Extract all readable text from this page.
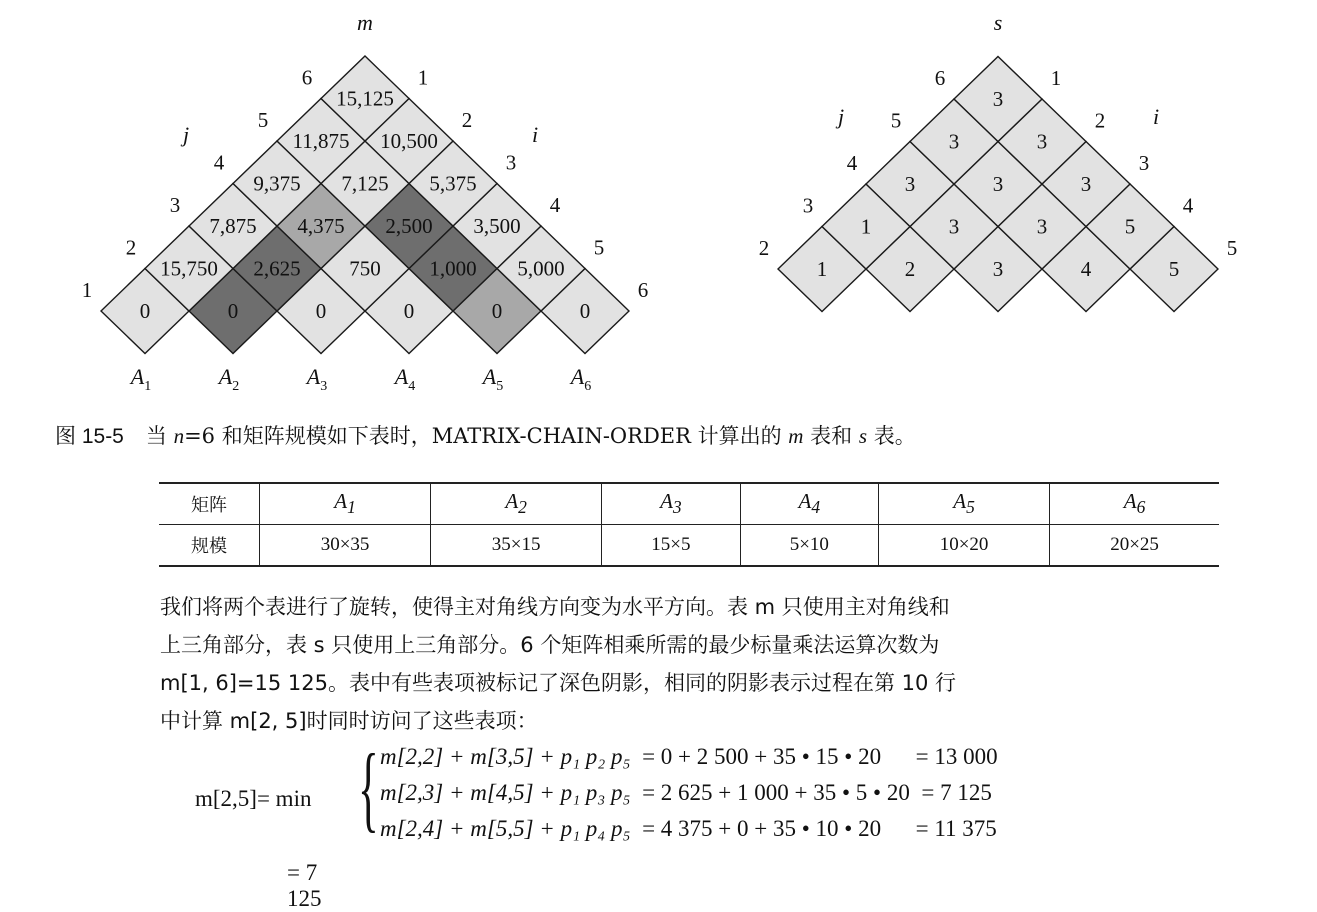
0	0	0	0	0	0
15,750 2,625 750 1,000 5,000
7,875 4,375 2,500 3,500
9,375 7,125 5,375
11,875 10,500
15,125
1
2
3
4
5
6	1
2
3
4
5
6
m
j	i
1	2	3	4	5
1	3	3	5
3	3	3
3	3
3
2
3
4
5
6	1
2
3
4
5
s
j	i
$A_1$	$A_2$	$A_3$	$A_4$	$A_5$	$A_6$
图 15-5 当 n=6 和矩阵规模如下表时，MATRIX-CHAIN-ORDER 计算出的 m 表和 s 表。
矩阵	$A_1$	$A_2$	$A_3$	$A_4$	$A_5$	$A_6$
规模	30×35	35×15	15×5	5×10	10×20	20×25
我们将两个表进行了旋转，使得主对角线方向变为水平方向。表 m 只使用主对角线和
上三角部分，表 s 只使用上三角部分。6 个矩阵相乘所需的最少标量乘法运算次数为
m[1, 6]=15 125。表中有些表项被标记了深色阴影，相同的阴影表示过程在第 10 行
中计算 m[2, 5]时同时访问了这些表项：
m[2,5]= min { m[2,2] + m[3,5] + p₁ p₂ p₅ = 0 + 2 500 + 35 • 15 • 20 = 13 000
m[2,3] + m[4,5] + p₁ p₃ p₅ = 2 625 + 1 000 + 35 • 5 • 20 = 7 125
m[2,4] + m[5,5] + p₁ p₄ p₅ = 4 375 + 0 + 35 • 10 • 20 = 11 375
= 7 125
